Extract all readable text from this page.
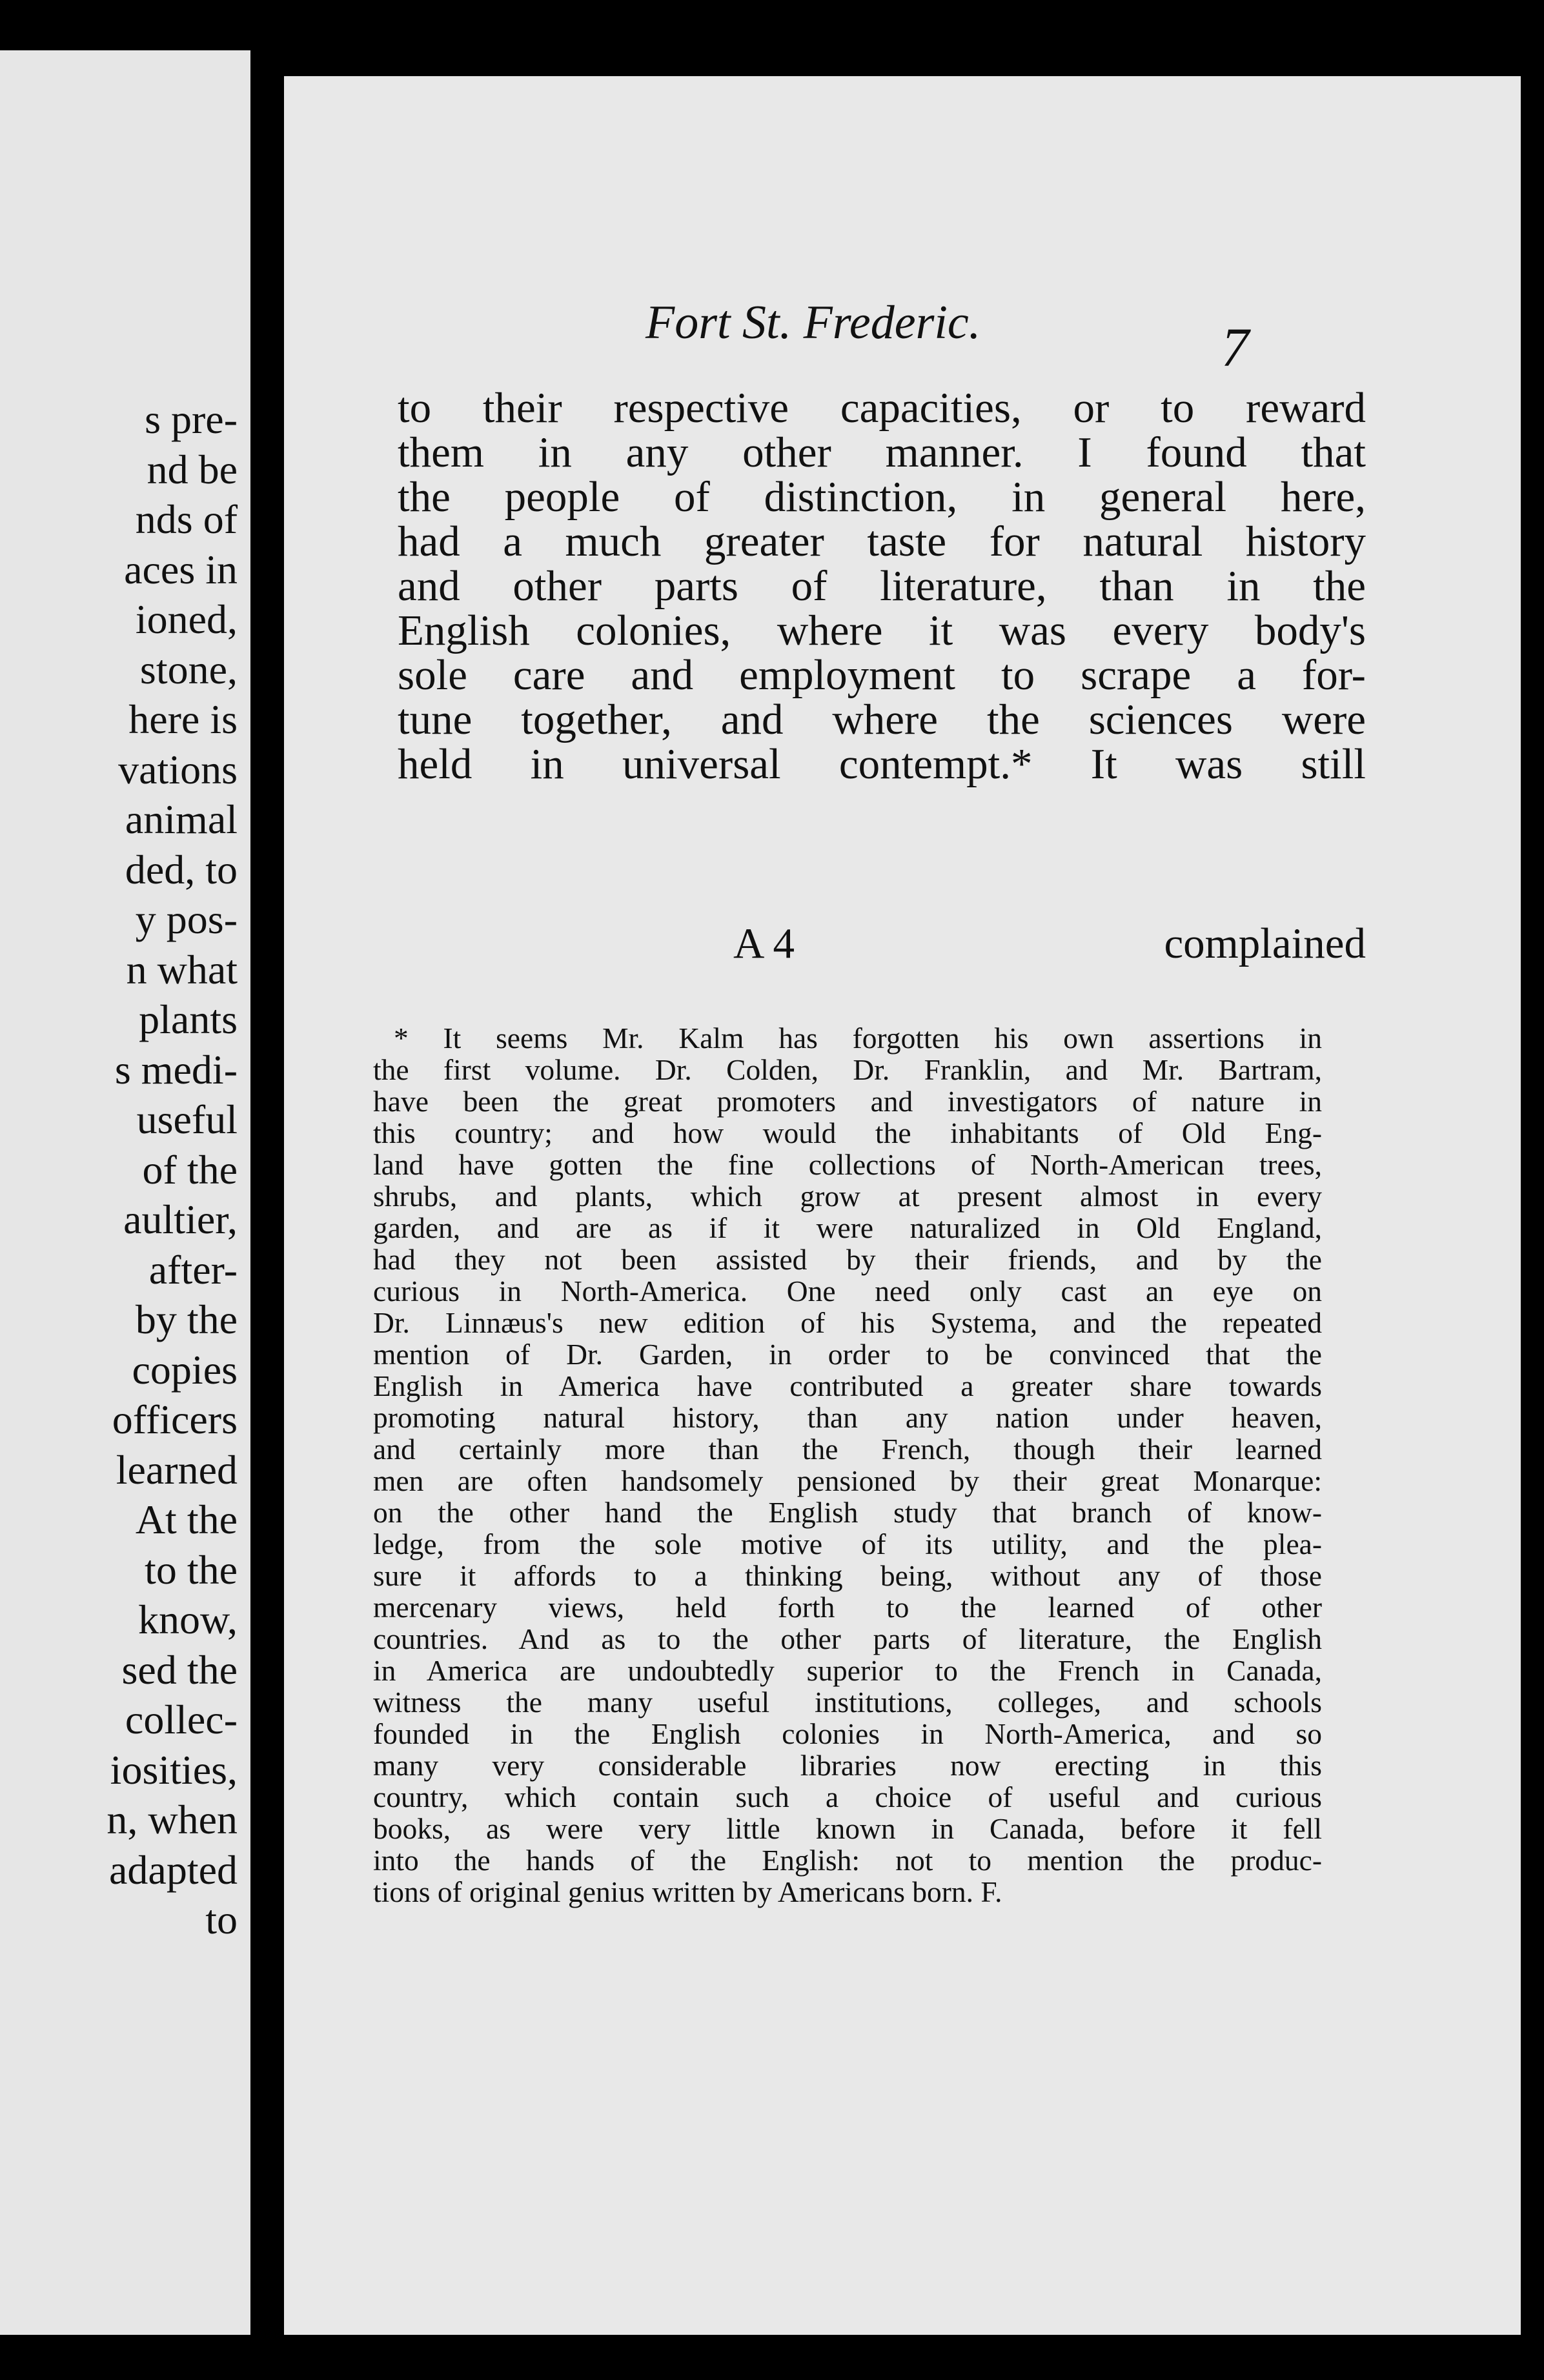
s pre-
nd be
nds of
aces in
ioned,
stone,
here is
vations
animal
ded, to
y pos-
n what
plants
s medi-
useful
of the
aultier,
after-
by the
copies
officers
learned
At the
to the
know,
sed the
collec-
iosities,
n, when
adapted
to
Fort St. Frederic.	7
to their respective capacities, or to reward
them in any other manner. I found that
the people of distinction, in general here,
had a much greater taste for natural history
and other parts of literature, than in the
English colonies, where it was every body's
sole care and employment to scrape a for-
tune together, and where the sciences were
held in universal contempt.* It was still
A 4	complained
* It seems Mr. Kalm has forgotten his own assertions in
the first volume. Dr. Colden, Dr. Franklin, and Mr. Bartram,
have been the great promoters and investigators of nature in
this country; and how would the inhabitants of Old Eng-
land have gotten the fine collections of North-American trees,
shrubs, and plants, which grow at present almost in every
garden, and are as if it were naturalized in Old England,
had they not been assisted by their friends, and by the
curious in North-America. One need only cast an eye on
Dr. Linnæus's new edition of his Systema, and the repeated
mention of Dr. Garden, in order to be convinced that the
English in America have contributed a greater share towards
promoting natural history, than any nation under heaven,
and certainly more than the French, though their learned
men are often handsomely pensioned by their great Monarque:
on the other hand the English study that branch of know-
ledge, from the sole motive of its utility, and the plea-
sure it affords to a thinking being, without any of those
mercenary views, held forth to the learned of other
countries. And as to the other parts of literature, the English
in America are undoubtedly superior to the French in Canada,
witness the many useful institutions, colleges, and schools
founded in the English colonies in North-America, and so
many very considerable libraries now erecting in this
country, which contain such a choice of useful and curious
books, as were very little known in Canada, before it fell
into the hands of the English: not to mention the produc-
tions of original genius written by Americans born. F.
